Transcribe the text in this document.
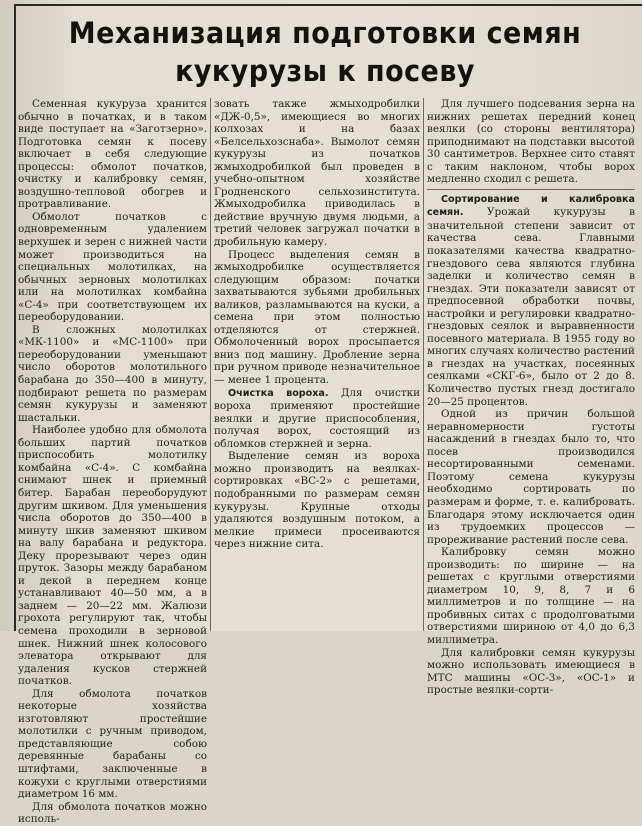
Механизация подготовки семян кукурузы к посеву

Семенная кукуруза хранится обычно в початках, и в таком виде поступает на «Заготзерно». Подготовка семян к посеву включает в себя следующие процессы: обмолот початков, очистку и калибровку семян, воздушно-тепловой обогрев и протравливание.

Обмолот початков с одновременным удалением верхушек и зерен с нижней части может производиться на специальных молотилках, на обычных зерновых молотилках или на молотилках комбайна «С-4» при соответствующем их переоборудовании.

В сложных молотилках «МК-1100» и «МС-1100» при переоборудовании уменьшают число оборотов молотильного барабана до 350—400 в минуту, подбирают решета по размерам семян кукурузы и заменяют шастальки.

Наиболее удобно для обмолота больших партий початков приспособить молотилку комбайна «С-4». С комбайна снимают шнек и приемный битер. Барабан переоборудуют другим шкивом. Для уменьшения числа оборотов до 350—400 в минуту шкив заменяют шкивом на валу барабана и редуктора. Деку прорезывают через один пруток. Зазоры между барабаном и декой в переднем конце устанавливают 40—50 мм, а в заднем — 20—22 мм. Жалюзи грохота регулируют так, чтобы семена проходили в зерновой шнек. Нижний шнек колосового элеватора открывают для удаления кусков стержней початков.

Для обмолота початков некоторые хозяйства изготовляют простейшие молотилки с ручным приводом, представляющие собою деревянные барабаны со штифтами, заключенные в кожухи с круглыми отверстиями диаметром 16 мм.

Для обмолота початков можно исполь-

зовать также жмыходробилки «ДЖ-0,5», имеющиеся во многих колхозах и на базах «Белсельхозснаба». Вымолот семян кукурузы из початков жмыходробилкой был проведен в учебно-опытном хозяйстве Гродненского сельхозинститута. Жмыходробилка приводилась в действие вручную двумя людьми, а третий человек загружал початки в дробильную камеру.

Процесс выделения семян в жмыходробилке осуществляется следующим образом: початки захватываются зубьями дробильных валиков, разламываются на куски, а семена при этом полностью отделяются от стержней. Обмолоченный ворох просыпается вниз под машину. Дробление зерна при ручном приводе незначительное — менее 1 процента.

Очистка вороха. Для очистки вороха применяют простейшие веялки и другие приспособления, получая ворох, состоящий из обломков стержней и зерна.

Выделение семян из вороха можно производить на веялках-сортировках «ВС-2» с решетами, подобранными по размерам семян кукурузы. Крупные отходы удаляются воздушным потоком, а мелкие примеси просеиваются через нижние сита.

Для лучшего подсевания зерна на нижних решетах передний конец веялки (со стороны вентилятора) приподнимают на подставки высотой 30 сантиметров. Верхнее сито ставят с таким наклоном, чтобы ворох медленно сходил с решета.

Сортирование и калибровка семян. Урожай кукурузы в значительной степени зависит от качества сева. Главными показателями качества квадратно-гнездового сева являются глубина заделки и количество семян в гнездах. Эти показатели зависят от предпосевной обработки почвы, настройки и регулировки квадратно-гнездовых сеялок и выравненности посевного материала. В 1955 году во многих случаях количество растений в гнездах на участках, посеянных сеялками «СКГ-6», было от 2 до 8. Количество пустых гнезд достигало 20—25 процентов.

Одной из причин большой неравномерности густоты насаждений в гнездах было то, что посев производился несортированными семенами. Поэтому семена кукурузы необходимо сортировать по размерам и форме, т. е. калибровать. Благодаря этому исключается один из трудоемких процессов — прореживание растений после сева.

Калибровку семян можно производить: по ширине — на решетах с круглыми отверстиями диаметром 10, 9, 8, 7 и 6 миллиметров и по толщине — на пробивных ситах с продолговатыми отверстиями шириною от 4,0 до 6,3 миллиметра.

Для калибровки семян кукурузы можно использовать имеющиеся в МТС машины «ОС-3», «ОС-1» и простые веялки-сорти-
